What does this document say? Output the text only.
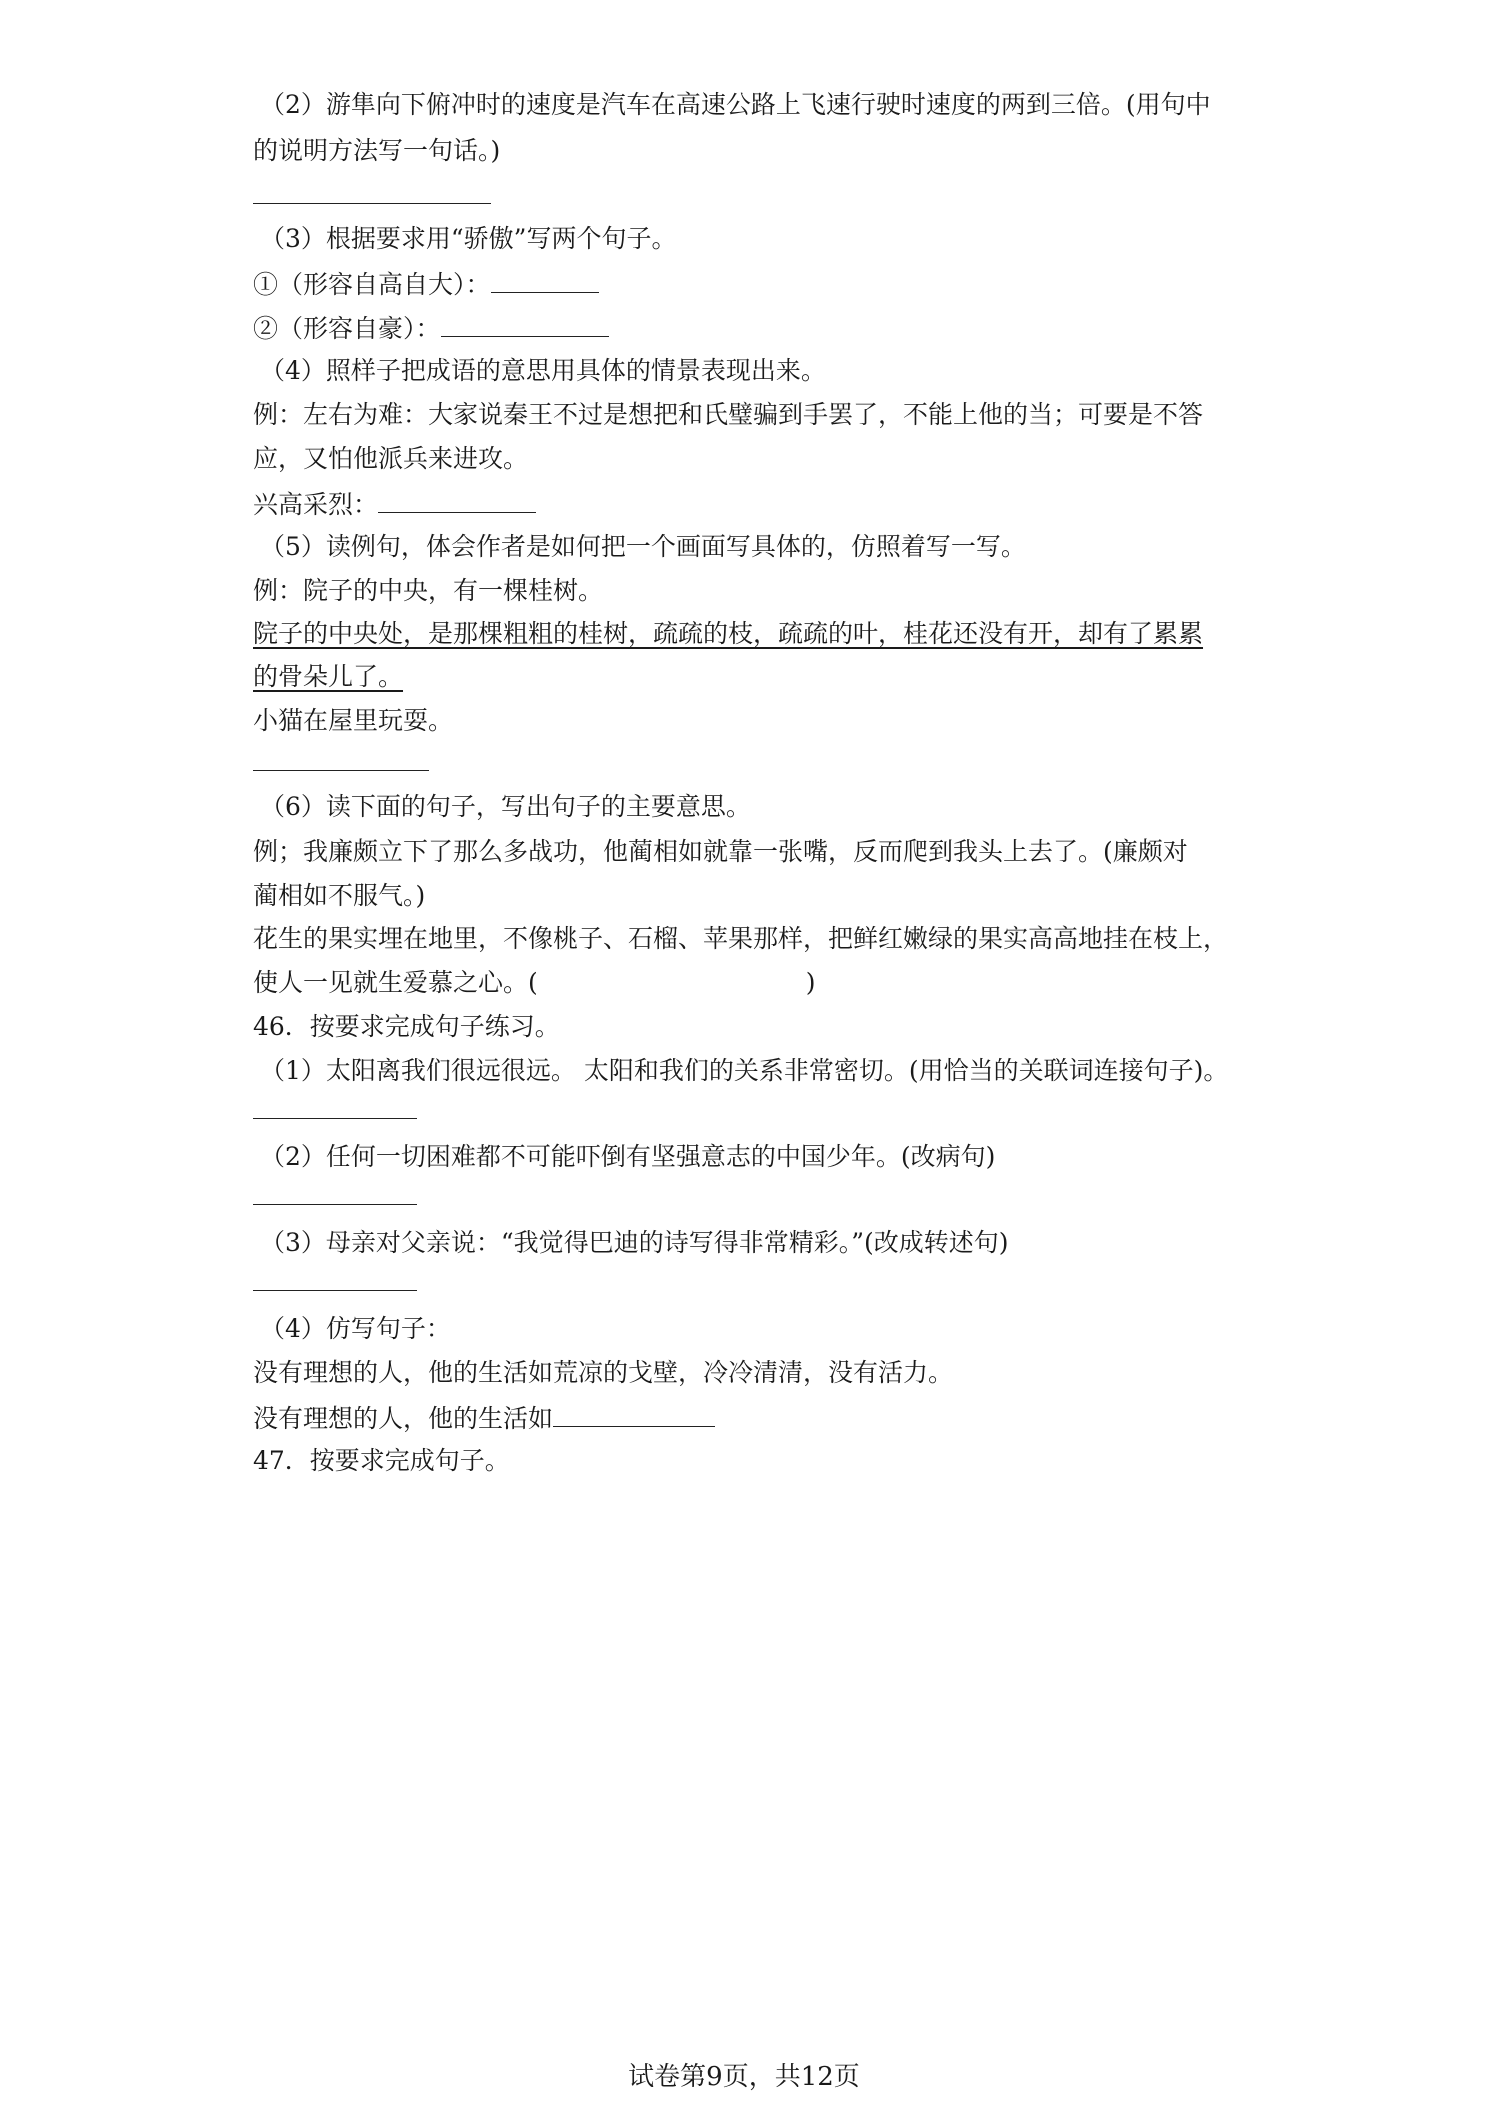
（2）游隼向下俯冲时的速度是汽车在高速公路上飞速行驶时速度的两到三倍。(用句中
的说明方法写一句话。)
（3）根据要求用“骄傲”写两个句子。
①（形容自高自大）：
②（形容自豪）：
（4）照样子把成语的意思用具体的情景表现出来。
例：左右为难：大家说秦王不过是想把和氏璧骗到手罢了，不能上他的当；可要是不答
应，又怕他派兵来进攻。
兴高采烈：
（5）读例句，体会作者是如何把一个画面写具体的，仿照着写一写。
例：院子的中央，有一棵桂树。
院子的中央处，是那棵粗粗的桂树，疏疏的枝，疏疏的叶，桂花还没有开，却有了累累
的骨朵儿了。
小猫在屋里玩耍。
（6）读下面的句子，写出句子的主要意思。
例；我廉颇立下了那么多战功，他蔺相如就靠一张嘴，反而爬到我头上去了。(廉颇对
蔺相如不服气。)
花生的果实埋在地里，不像桃子、石榴、苹果那样，把鲜红嫩绿的果实高高地挂在枝上，
使人一见就生爱慕之心。(	)
46．按要求完成句子练习。
（1）太阳离我们很远很远。 太阳和我们的关系非常密切。(用恰当的关联词连接句子)。
（2）任何一切困难都不可能吓倒有坚强意志的中国少年。(改病句)
（3）母亲对父亲说：“我觉得巴迪的诗写得非常精彩。”(改成转述句)
（4）仿写句子：
没有理想的人，他的生活如荒凉的戈壁，冷冷清清，没有活力。
没有理想的人，他的生活如
47．按要求完成句子。
试卷第9页，共12页
